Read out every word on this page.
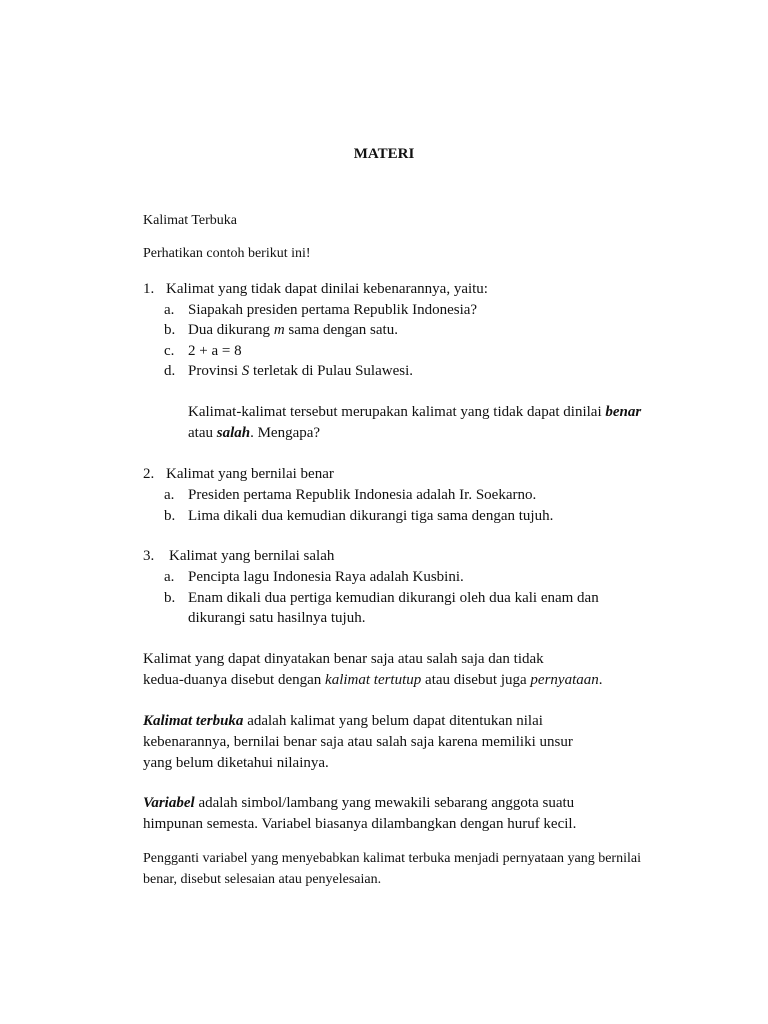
MATERI
Kalimat Terbuka
Perhatikan contoh berikut ini!
1. Kalimat yang tidak dapat dinilai kebenarannya, yaitu:
a. Siapakah presiden pertama Republik Indonesia?
b. Dua dikurang m sama dengan satu.
c. 2 + a = 8
d. Provinsi S terletak di Pulau Sulawesi.
Kalimat-kalimat tersebut merupakan kalimat yang tidak dapat dinilai benar
atau salah. Mengapa?
2. Kalimat yang bernilai benar
a. Presiden pertama Republik Indonesia adalah Ir. Soekarno.
b. Lima dikali dua kemudian dikurangi tiga sama dengan tujuh.
3. Kalimat yang bernilai salah
a. Pencipta lagu Indonesia Raya adalah Kusbini.
b. Enam dikali dua pertiga kemudian dikurangi oleh dua kali enam dan
dikurangi satu hasilnya tujuh.
Kalimat yang dapat dinyatakan benar saja atau salah saja dan tidak
kedua-duanya disebut dengan kalimat tertutup atau disebut juga pernyataan.
Kalimat terbuka adalah kalimat yang belum dapat ditentukan nilai
kebenarannya, bernilai benar saja atau salah saja karena memiliki unsur
yang belum diketahui nilainya.
Variabel adalah simbol/lambang yang mewakili sebarang anggota suatu
himpunan semesta. Variabel biasanya dilambangkan dengan huruf kecil.
Pengganti variabel yang menyebabkan kalimat terbuka menjadi pernyataan yang bernilai
benar, disebut selesaian atau penyelesaian.
